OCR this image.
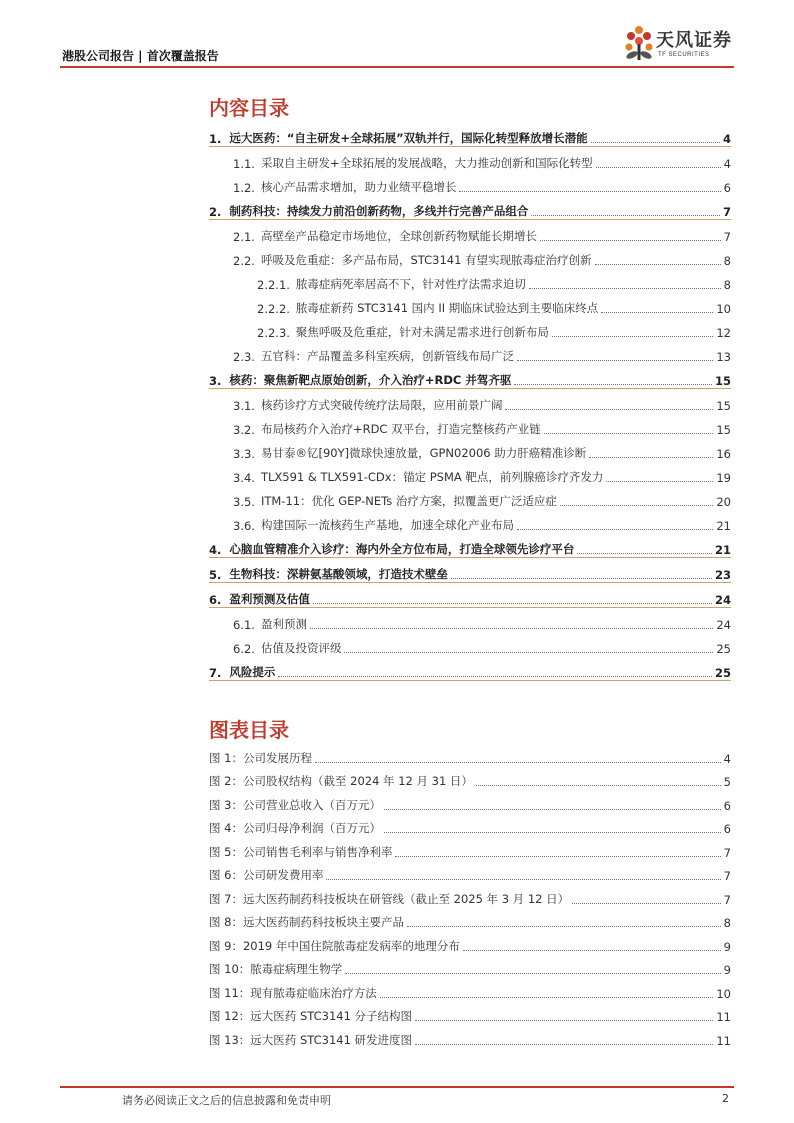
港股公司报告 | 首次覆盖报告
天风证券
TF SECURITIES
内容目录
1. 远大医药：“自主研发+全球拓展”双轨并行，国际化转型释放增长潜能	4
1.1. 采取自主研发+全球拓展的发展战略，大力推动创新和国际化转型	4
1.2. 核心产品需求增加，助力业绩平稳增长	6
2. 制药科技：持续发力前沿创新药物，多线并行完善产品组合	7
2.1. 高壁垒产品稳定市场地位，全球创新药物赋能长期增长	7
2.2. 呼吸及危重症：多产品布局，STC3141 有望实现脓毒症治疗创新	8
2.2.1. 脓毒症病死率居高不下，针对性疗法需求迫切	8
2.2.2. 脓毒症新药 STC3141 国内 II 期临床试验达到主要临床终点	10
2.2.3. 聚焦呼吸及危重症，针对未满足需求进行创新布局	12
2.3. 五官科：产品覆盖多科室疾病，创新管线布局广泛	13
3. 核药：聚焦新靶点原始创新，介入治疗+RDC 并驾齐驱	15
3.1. 核药诊疗方式突破传统疗法局限，应用前景广阔	15
3.2. 布局核药介入治疗+RDC 双平台，打造完整核药产业链	15
3.3. 易甘泰®钇[90Y]微球快速放量，GPN02006 助力肝癌精准诊断	16
3.4. TLX591 & TLX591-CDx：锚定 PSMA 靶点，前列腺癌诊疗齐发力	19
3.5. ITM-11：优化 GEP-NETs 治疗方案，拟覆盖更广泛适应症	20
3.6. 构建国际一流核药生产基地，加速全球化产业布局	21
4. 心脑血管精准介入诊疗：海内外全方位布局，打造全球领先诊疗平台	21
5. 生物科技：深耕氨基酸领域，打造技术壁垒	23
6. 盈利预测及估值	24
6.1. 盈利预测	24
6.2. 估值及投资评级	25
7. 风险提示	25
图表目录
图 1：公司发展历程	4
图 2：公司股权结构（截至 2024 年 12 月 31 日）	5
图 3：公司营业总收入（百万元）	6
图 4：公司归母净利润（百万元）	6
图 5：公司销售毛利率与销售净利率	7
图 6：公司研发费用率	7
图 7：远大医药制药科技板块在研管线（截止至 2025 年 3 月 12 日）	7
图 8：远大医药制药科技板块主要产品	8
图 9：2019 年中国住院脓毒症发病率的地理分布	9
图 10：脓毒症病理生物学	9
图 11：现有脓毒症临床治疗方法	10
图 12：远大医药 STC3141 分子结构图	11
图 13：远大医药 STC3141 研发进度图	11
请务必阅读正文之后的信息披露和免责申明	2
